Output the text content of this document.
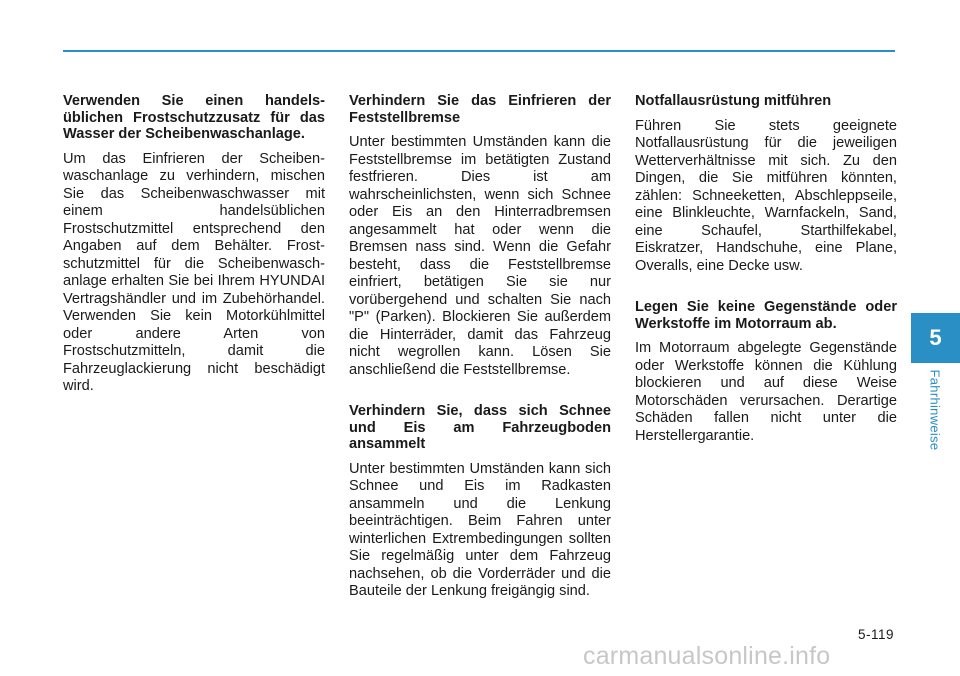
Verwenden Sie einen handelsüblichen Frostschutzzusatz für das Wasser der Scheibenwaschanlage.

Um das Einfrieren der Scheibenwaschanlage zu verhindern, mischen Sie das Scheibenwaschwasser mit einem handelsüblichen Frostschutzmittel entsprechend den Angaben auf dem Behälter. Frostschutzmittel für die Scheibenwaschanlage erhalten Sie bei Ihrem HYUNDAI Vertragshändler und im Zubehörhandel. Verwenden Sie kein Motorkühlmittel oder andere Arten von Frostschutzmitteln, damit die Fahrzeuglackierung nicht beschädigt wird.

Verhindern Sie das Einfrieren der Feststellbremse

Unter bestimmten Umständen kann die Feststellbremse im betätigten Zustand festfrieren. Dies ist am wahrscheinlichsten, wenn sich Schnee oder Eis an den Hinterradbremsen angesammelt hat oder wenn die Bremsen nass sind. Wenn die Gefahr besteht, dass die Feststellbremse einfriert, betätigen Sie sie nur vorübergehend und schalten Sie nach "P" (Parken). Blockieren Sie außerdem die Hinterräder, damit das Fahrzeug nicht wegrollen kann. Lösen Sie anschließend die Feststellbremse.

Verhindern Sie, dass sich Schnee und Eis am Fahrzeugboden ansammelt

Unter bestimmten Umständen kann sich Schnee und Eis im Radkasten ansammeln und die Lenkung beeinträchtigen. Beim Fahren unter winterlichen Extrembedingungen sollten Sie regelmäßig unter dem Fahrzeug nachsehen, ob die Vorderräder und die Bauteile der Lenkung freigängig sind.

Notfallausrüstung mitführen

Führen Sie stets geeignete Notfallausrüstung für die jeweiligen Wetterverhältnisse mit sich. Zu den Dingen, die Sie mitführen könnten, zählen: Schneeketten, Abschleppseile, eine Blinkleuchte, Warnfackeln, Sand, eine Schaufel, Starthilfekabel, Eiskratzer, Handschuhe, eine Plane, Overalls, eine Decke usw.

Legen Sie keine Gegenstände oder Werkstoffe im Motorraum ab.

Im Motorraum abgelegte Gegenstände oder Werkstoffe können die Kühlung blockieren und auf diese Weise Motorschäden verursachen. Derartige Schäden fallen nicht unter die Herstellergarantie.

5
Fahrhinweise
5-119
carmanualsonline.info
